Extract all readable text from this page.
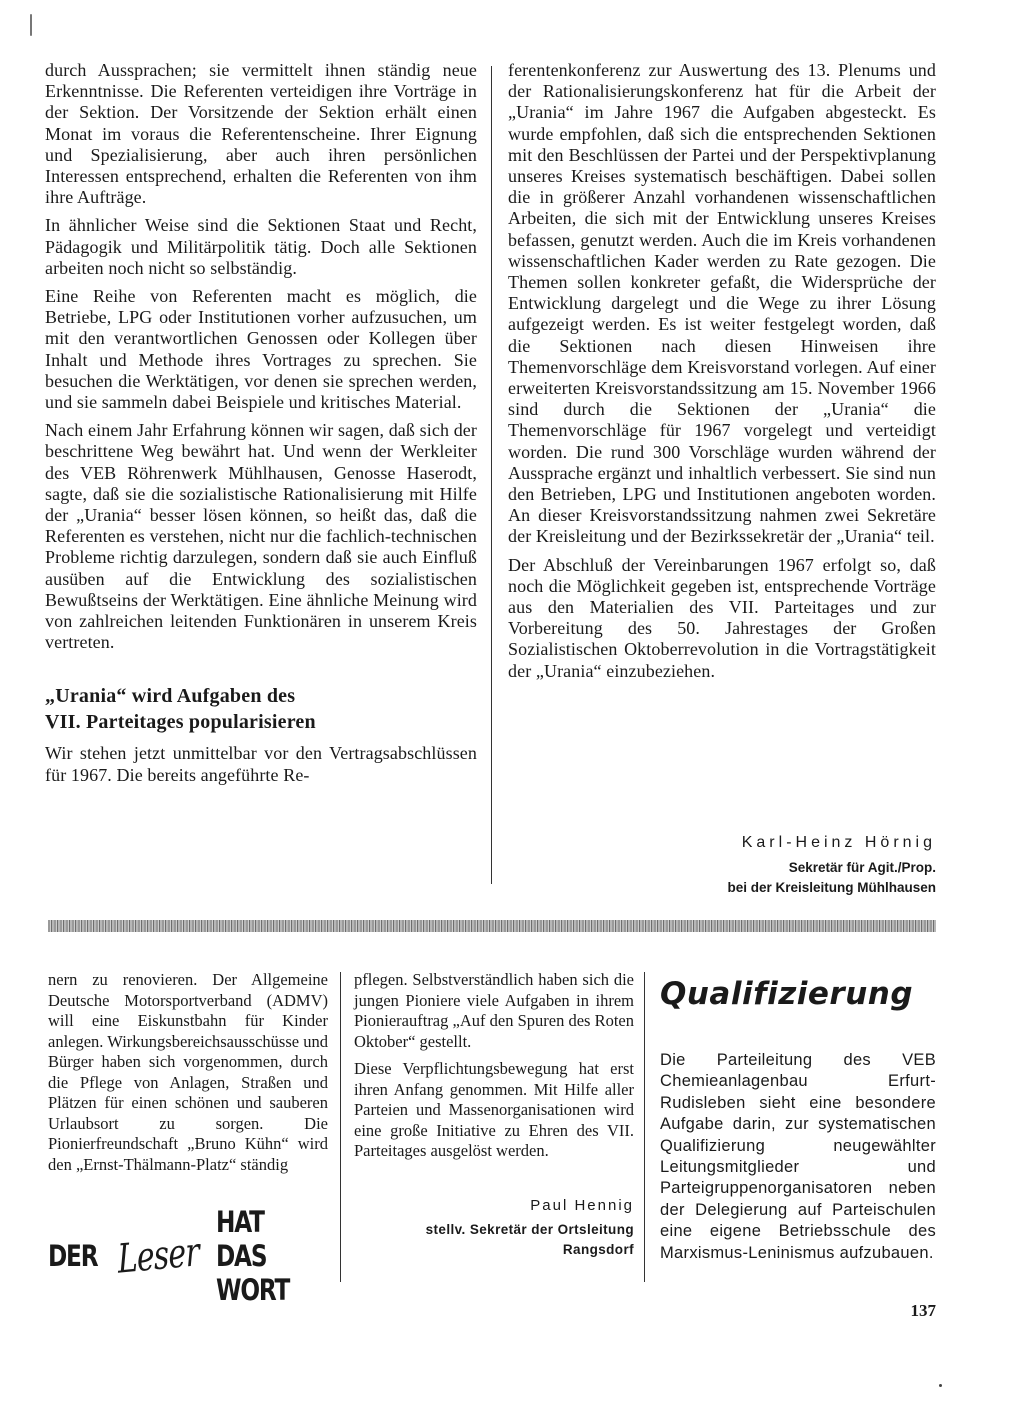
durch Aussprachen; sie vermittelt ihnen ständig neue Erkenntnisse. Die Referenten verteidigen ihre Vorträge in der Sektion. Der Vorsitzende der Sektion erhält einen Monat im voraus die Referentenscheine. Ihrer Eignung und Spezialisierung, aber auch ihren persönlichen Interessen entsprechend, erhalten die Referenten von ihm ihre Aufträge.

In ähnlicher Weise sind die Sektionen Staat und Recht, Pädagogik und Militärpolitik tätig. Doch alle Sektionen arbeiten noch nicht so selbständig.

Eine Reihe von Referenten macht es möglich, die Betriebe, LPG oder Institutionen vorher aufzusuchen, um mit den verantwortlichen Genossen oder Kollegen über Inhalt und Methode ihres Vortrages zu sprechen. Sie besuchen die Werktätigen, vor denen sie sprechen werden, und sie sammeln dabei Beispiele und kritisches Material.

Nach einem Jahr Erfahrung können wir sagen, daß sich der beschrittene Weg bewährt hat. Und wenn der Werkleiter des VEB Röhrenwerk Mühlhausen, Genosse Haserodt, sagte, daß sie die sozialistische Rationalisierung mit Hilfe der „Urania“ besser lösen können, so heißt das, daß die Referenten es verstehen, nicht nur die fachlich-technischen Probleme richtig darzulegen, sondern daß sie auch Einfluß ausüben auf die Entwicklung des sozialistischen Bewußtseins der Werktätigen. Eine ähnliche Meinung wird von zahlreichen leitenden Funktionären in unserem Kreis vertreten.

„Urania“ wird Aufgaben des
VII. Parteitages popularisieren

Wir stehen jetzt unmittelbar vor den Vertragsabschlüssen für 1967. Die bereits angeführte Re-

ferentenkonferenz zur Auswertung des 13. Plenums und der Rationalisierungskonferenz hat für die Arbeit der „Urania“ im Jahre 1967 die Aufgaben abgesteckt. Es wurde empfohlen, daß sich die entsprechenden Sektionen mit den Beschlüssen der Partei und der Perspektivplanung unseres Kreises systematisch beschäftigen. Dabei sollen die in größerer Anzahl vorhandenen wissenschaftlichen Arbeiten, die sich mit der Entwicklung unseres Kreises befassen, genutzt werden. Auch die im Kreis vorhandenen wissenschaftlichen Kader werden zu Rate gezogen. Die Themen sollen konkreter gefaßt, die Widersprüche der Entwicklung dargelegt und die Wege zu ihrer Lösung aufgezeigt werden. Es ist weiter festgelegt worden, daß die Sektionen nach diesen Hinweisen ihre Themenvorschläge dem Kreisvorstand vorlegen. Auf einer erweiterten Kreisvorstandssitzung am 15. November 1966 sind durch die Sektionen der „Urania“ die Themenvorschläge für 1967 vorgelegt und verteidigt worden. Die rund 300 Vorschläge wurden während der Aussprache ergänzt und inhaltlich verbessert. Sie sind nun den Betrieben, LPG und Institutionen angeboten worden. An dieser Kreisvorstandssitzung nahmen zwei Sekretäre der Kreisleitung und der Bezirkssekretär der „Urania“ teil.

Der Abschluß der Vereinbarungen 1967 erfolgt so, daß noch die Möglichkeit gegeben ist, entsprechende Vorträge aus den Materialien des VII. Parteitages und zur Vorbereitung des 50. Jahrestages der Großen Sozialistischen Oktoberrevolution in die Vortragstätigkeit der „Urania“ einzubeziehen.

Karl-Heinz Hörnig
Sekretär für Agit./Prop.
bei der Kreisleitung Mühlhausen

nern zu renovieren. Der Allgemeine Deutsche Motorsportverband (ADMV) will eine Eiskunstbahn für Kinder anlegen. Wirkungsbereichsausschüsse und Bürger haben sich vorgenommen, durch die Pflege von Anlagen, Straßen und Plätzen für einen schönen und sauberen Urlaubsort zu sorgen. Die Pionierfreundschaft „Bruno Kühn“ wird den „Ernst-Thälmann-Platz“ ständig

DER Leser
HAT DAS WORT

pflegen. Selbstverständlich haben sich die jungen Pioniere viele Aufgaben in ihrem Pionierauftrag „Auf den Spuren des Roten Oktober“ gestellt.

Diese Verpflichtungsbewegung hat erst ihren Anfang genommen. Mit Hilfe aller Parteien und Massenorganisationen wird eine große Initiative zu Ehren des VII. Parteitages ausgelöst werden.

Paul Hennig
stellv. Sekretär der Ortsleitung
Rangsdorf
Qualifizierung

Die Parteileitung des VEB Chemieanlagenbau Erfurt-Rudisleben sieht eine besondere Aufgabe darin, zur systematischen Qualifizierung neugewählter Leitungsmitglieder und Parteigruppenorganisatoren neben der Delegierung auf Parteischulen eine eigene Betriebsschule des Marxismus-Leninismus aufzubauen.

137
